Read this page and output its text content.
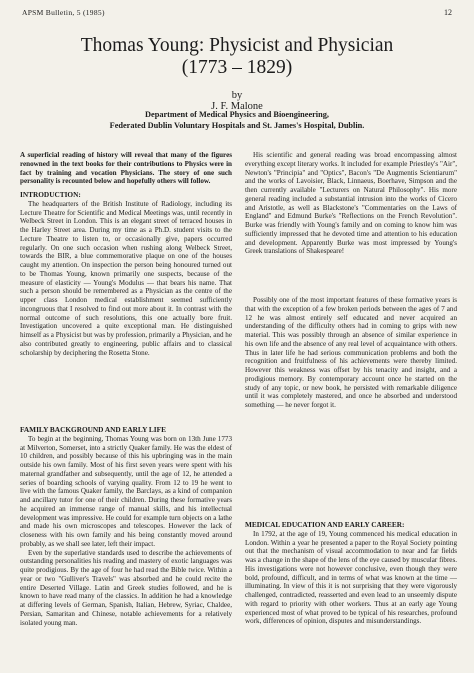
APSM Bulletin, 5 (1985)	12
Thomas Young: Physicist and Physician
(1773 – 1829)
by
J. F. Malone
Department of Medical Physics and Bioengineering,
Federated Dublin Voluntary Hospitals and St. James's Hospital, Dublin.

A superficial reading of history will reveal that many of the figures renowned in the text books for their contributions to Physics were in fact by training and vocation Physicians. The story of one such personality is recounted below and hopefully others will follow.

INTRODUCTION:

The headquarters of the British Institute of Radiology, including its Lecture Theatre for Scientific and Medical Meetings was, until recently in Welbeck Street in London. This is an elegant street of terraced houses in the Harley Street area. During my time as a Ph.D. student visits to the Lecture Theatre to listen to, or occasionally give, papers occurred regularly. On one such occasion when rushing along Welbeck Street, towards the BIR, a blue commemorative plaque on one of the houses caught my attention. On inspection the person being honoured turned out to be Thomas Young, known primarily one suspects, because of the measure of elasticity — Young's Modulus — that bears his name. That such a person should be remembered as a Physician as the centre of the upper class London medical establishment seemed sufficiently incongruous that I resolved to find out more about it. In contrast with the normal outcome of such resolutions, this one actually bore fruit. Investigation uncovered a quite exceptional man. He distinguished himself as a Physicist but was by profession, primarily a Physician, and he also contributed greatly to engineering, public affairs and to classical scholarship by deciphering the Rosetta Stone.

FAMILY BACKGROUND AND EARLY LIFE

To begin at the beginning, Thomas Young was born on 13th June 1773 at Milverton, Somerset, into a strictly Quaker family. He was the eldest of 10 children, and possibly because of this his upbringing was in the main outside his own family. Most of his first seven years were spent with his maternal grandfather and subsequently, until the age of 12, he attended a series of boarding schools of varying quality. From 12 to 19 he went to live with the famous Quaker family, the Barclays, as a kind of companion and ancillary tutor for one of their children. During these formative years he acquired an immense range of manual skills, and his intellectual development was impressive. He could for example turn objects on a lathe and made his own microscopes and telescopes. However the lack of closeness with his own family and his being constantly moved around probably, as we shall see later, left their impact.

Even by the superlative standards used to describe the achievements of outstanding personalities his reading and mastery of exotic languages was quite prodigious. By the age of four he had read the Bible twice. Within a year or two "Gulliver's Travels" was absorbed and he could recite the entire Deserted Village. Latin and Greek studies followed, and he is known to have read many of the classics. In addition he had a knowledge at differing levels of German, Spanish, Italian, Hebrew, Syriac, Chaldee, Persian, Samaritan and Chinese, notable achievements for a relatively isolated young man.

His scientific and general reading was broad encompassing almost everything except literary works. It included for example Priestley's "Air", Newton's "Principia" and "Optics", Bacon's "De Augmentis Scientiarum" and the works of Lavoisier, Black, Linnaeus, Boerhave, Simpson and the then currently available "Lecturers on Natural Philosophy". His more general reading included a substantial intrusion into the works of Cicero and Aristotle, as well as Blackstone's "Commentaries on the Laws of England" and Edmund Burke's "Reflections on the French Revolution". Burke was friendly with Young's family and on coming to know him was sufficiently impressed that he devoted time and attention to his education and development. Apparently Burke was most impressed by Young's Greek translations of Shakespeare!

Possibly one of the most important features of these formative years is that with the exception of a few broken periods between the ages of 7 and 12 he was almost entirely self educated and never acquired an understanding of the difficulty others had in coming to grips with new material. This was possibly through an absence of similar experience in his own life and the absence of any real level of acquaintance with others. Thus in later life he had serious communication problems and both the recognition and fruitfulness of his achievements were thereby limited. However this weakness was offset by his tenacity and insight, and a prodigious memory. By contemporary account once he started on the study of any topic, or new book, he persisted with remarkable diligence until it was completely mastered, and once he absorbed and understood something — he never forgot it.

MEDICAL EDUCATION AND EARLY CAREER:

In 1792, at the age of 19, Young commenced his medical education in London. Within a year he presented a paper to the Royal Society pointing out that the mechanism of visual accommodation to near and far fields was a change in the shape of the lens of the eye caused by muscular fibres. His investigations were not however conclusive, even though they were bold, profound, difficult, and in terms of what was known at the time — illuminating. In view of this it is not surprising that they were vigorously challenged, contradicted, reasserted and even lead to an unseemly dispute with regard to priority with other workers. Thus at an early age Young experienced most of what proved to be typical of his researches, profound work, differences of opinion, disputes and misunderstandings.
